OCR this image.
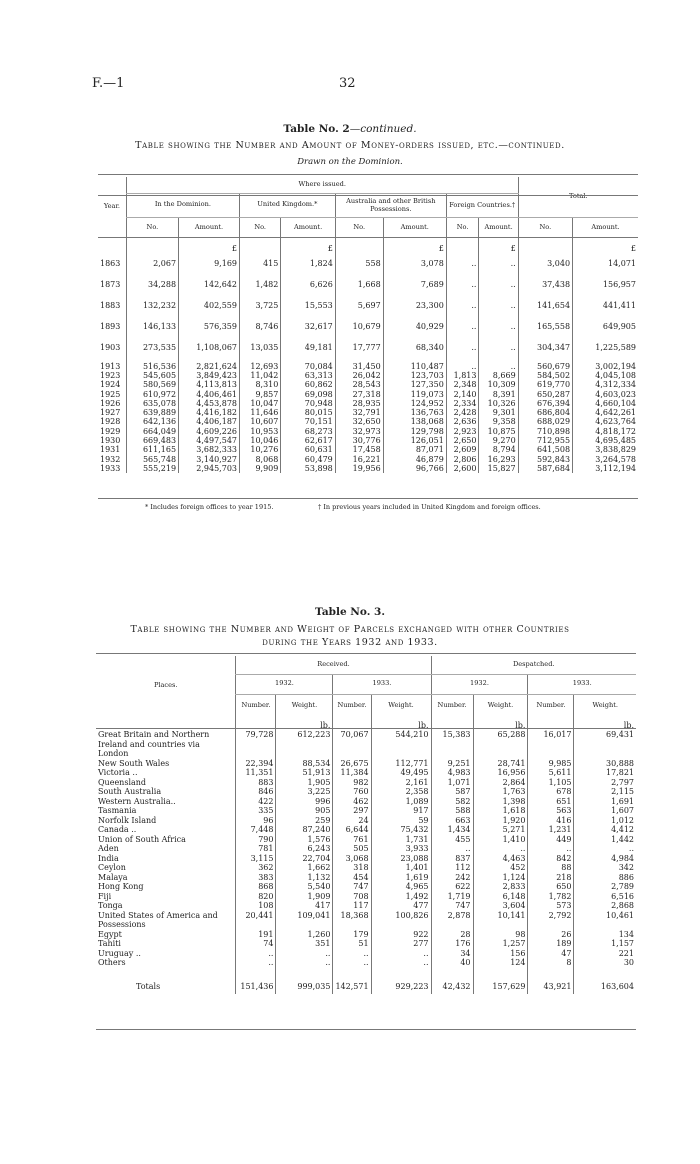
F.—1	32
Table No. 2—continued.
Table showing the Number and Amount of Money-orders issued, etc.—continued.
Drawn on the Dominion.
Year.	Where issued.								Total.	
	In the Dominion.		United Kingdom.*		Australia and other British Possessions.		Foreign Countries.†			
	No.	Amount.	No.	Amount.	No.	Amount.	No.	Amount.	No.	Amount.
		£		£		£		£		£
1863	2,067	9,169	415	1,824	558	3,078	..	..	3,040	14,071
1873	34,288	142,642	1,482	6,626	1,668	7,689	..	..	37,438	156,957
1883	132,232	402,559	3,725	15,553	5,697	23,300	..	..	141,654	441,411
1893	146,133	576,359	8,746	32,617	10,679	40,929	..	..	165,558	649,905
1903	273,535	1,108,067	13,035	49,181	17,777	68,340	..	..	304,347	1,225,589
1913	516,536	2,821,624	12,693	70,084	31,450	110,487	..	..	560,679	3,002,194
1923	545,605	3,849,423	11,042	63,313	26,042	123,703	1,813	8,669	584,502	4,045,108
1924	580,569	4,113,813	8,310	60,862	28,543	127,350	2,348	10,309	619,770	4,312,334
1925	610,972	4,406,461	9,857	69,098	27,318	119,073	2,140	8,391	650,287	4,603,023
1926	635,078	4,453,878	10,047	70,948	28,935	124,952	2,334	10,326	676,394	4,660,104
1927	639,889	4,416,182	11,646	80,015	32,791	136,763	2,428	9,301	686,804	4,642,261
1928	642,136	4,406,187	10,607	70,151	32,650	138,068	2,636	9,358	688,029	4,623,764
1929	664,049	4,609,226	10,953	68,273	32,973	129,798	2,923	10,875	710,898	4,818,172
1930	669,483	4,497,547	10,046	62,617	30,776	126,051	2,650	9,270	712,955	4,695,485
1931	611,165	3,682,333	10,276	60,631	17,458	87,071	2,609	8,794	641,508	3,838,829
1932	565,748	3,140,927	8,068	60,479	16,221	46,879	2,806	16,293	592,843	3,264,578
1933	555,219	2,945,703	9,909	53,898	19,956	96,766	2,600	15,827	587,684	3,112,194
* Includes foreign offices to year 1915.	† In previous years included in United Kingdom and foreign offices.
Table No. 3.
Table showing the Number and Weight of Parcels exchanged with other Countries
during the Years 1932 and 1933.
Places.	Received.				Despatched.			
	1932.		1933.		1932.		1933.	
	Number.	Weight.	Number.	Weight.	Number.	Weight.	Number.	Weight.
		lb.		lb.		lb.		lb.
Great Britain and Northern	79,728	612,223	70,067	544,210	15,383	65,288	16,017	69,431
Ireland and countries via								
London								
New South Wales	22,394	88,534	26,675	112,771	9,251	28,741	9,985	30,888
Victoria ..	11,351	51,913	11,384	49,495	4,983	16,956	5,611	17,821
Queensland	883	1,905	982	2,161	1,071	2,864	1,105	2,797
South Australia	846	3,225	760	2,358	587	1,763	678	2,115
Western Australia..	422	996	462	1,089	582	1,398	651	1,691
Tasmania	335	905	297	917	588	1,618	563	1,607
Norfolk Island	96	259	24	59	663	1,920	416	1,012
Canada ..	7,448	87,240	6,644	75,432	1,434	5,271	1,231	4,412
Union of South Africa	790	1,576	761	1,731	455	1,410	449	1,442
Aden	781	6,243	505	3,933	..	..	..	..
India	3,115	22,704	3,068	23,088	837	4,463	842	4,984
Ceylon	362	1,662	318	1,401	112	452	88	342
Malaya	383	1,132	454	1,619	242	1,124	218	886
Hong Kong	868	5,540	747	4,965	622	2,833	650	2,789
Fiji	820	1,909	708	1,492	1,719	6,148	1,782	6,516
Tonga	108	417	117	477	747	3,604	573	2,868
United States of America and	20,441	109,041	18,368	100,826	2,878	10,141	2,792	10,461
Possessions								
Egypt	191	1,260	179	922	28	98	26	134
Tahiti	74	351	51	277	176	1,257	189	1,157
Uruguay ..	..	..	..	..	34	156	47	221
Others	..	..	..	..	40	124	8	30

Totals	151,436	999,035	142,571	929,223	42,432	157,629	43,921	163,604
